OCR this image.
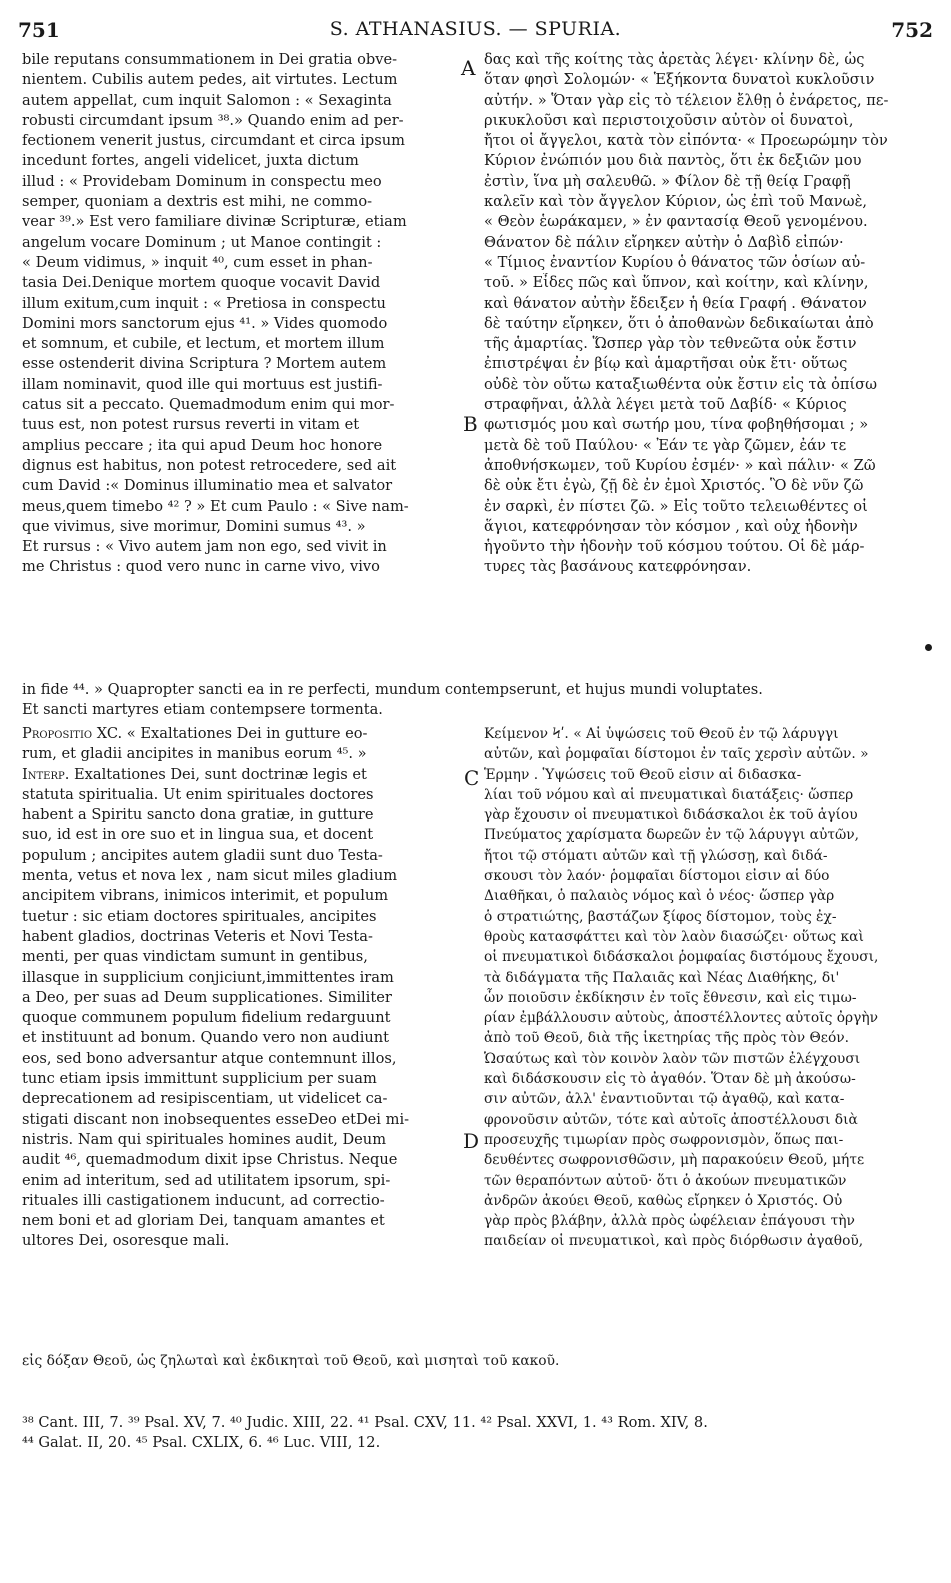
751	S. ATHANASIUS. — SPURIA.	752
A
B
C
D
bile reputans consummationem in Dei gratia obve-
nientem. Cubilis autem pedes, ait virtutes. Lectum
autem appellat, cum inquit Salomon : « Sexaginta
robusti circumdant ipsum ³⁸.» Quando enim ad per-
fectionem venerit justus, circumdant et circa ipsum
incedunt fortes, angeli videlicet, juxta dictum
illud : « Providebam Dominum in conspectu meo
semper, quoniam a dextris est mihi, ne commo-
vear ³⁹.» Est vero familiare divinæ Scripturæ, etiam
angelum vocare Dominum ; ut Manoe contingit :
« Deum vidimus, » inquit ⁴⁰, cum esset in phan-
tasia Dei.Denique mortem quoque vocavit David
illum exitum,cum inquit : « Pretiosa in conspectu
Domini mors sanctorum ejus ⁴¹. » Vides quomodo
et somnum, et cubile, et lectum, et mortem illum
esse ostenderit divina Scriptura ? Mortem autem
illam nominavit, quod ille qui mortuus est justifi-
catus sit a peccato. Quemadmodum enim qui mor-
tuus est, non potest rursus reverti in vitam et
amplius peccare ; ita qui apud Deum hoc honore
dignus est habitus, non potest retrocedere, sed ait
cum David :« Dominus illuminatio mea et salvator
meus,quem timebo ⁴² ? » Et cum Paulo : « Sive nam-
que vivimus, sive morimur, Domini sumus ⁴³. »
Et rursus : « Vivo autem jam non ego, sed vivit in
me Christus : quod vero nunc in carne vivo, vivo
δας καὶ τῆς κοίτης τὰς ἀρετὰς λέγει· κλίνην δὲ, ὡς
ὅταν φησὶ Σολομών· « Ἑξήκοντα δυνατοὶ κυκλοῦσιν
αὐτήν. » Ὅταν γὰρ εἰς τὸ τέλειον ἔλθῃ ὁ ἐνάρετος, πε-
ρικυκλοῦσι καὶ περιστοιχοῦσιν αὐτὸν οἱ δυνατοὶ,
ἤτοι οἱ ἄγγελοι, κατὰ τὸν εἰπόντα· « Προεωρώμην τὸν
Κύριον ἐνώπιόν μου διὰ παντὸς, ὅτι ἐκ δεξιῶν μου
ἐστὶν, ἵνα μὴ σαλευθῶ. » Φίλον δὲ τῇ θείᾳ Γραφῇ
καλεῖν καὶ τὸν ἄγγελον Κύριον, ὡς ἐπὶ τοῦ Μανωὲ,
« Θεὸν ἑωράκαμεν, » ἐν φαντασίᾳ Θεοῦ γενομένου.
Θάνατον δὲ πάλιν εἴρηκεν αὐτὴν ὁ Δαβὶδ εἰπών·
« Τίμιος ἐναντίον Κυρίου ὁ θάνατος τῶν ὁσίων αὐ-
τοῦ. » Εἶδες πῶς καὶ ὕπνον, καὶ κοίτην, καὶ κλίνην,
καὶ θάνατον αὐτὴν ἔδειξεν ἡ θεία Γραφή . Θάνατον
δὲ ταύτην εἴρηκεν, ὅτι ὁ ἀποθανὼν δεδικαίωται ἀπὸ
τῆς ἁμαρτίας. Ὥσπερ γὰρ τὸν τεθνεῶτα οὐκ ἔστιν
ἐπιστρέψαι ἐν βίῳ καὶ ἁμαρτῆσαι οὐκ ἔτι· οὕτως
οὐδὲ τὸν οὕτω καταξιωθέντα οὐκ ἔστιν εἰς τὰ ὀπίσω
στραφῆναι, ἀλλὰ λέγει μετὰ τοῦ Δαβίδ· « Κύριος
φωτισμός μου καὶ σωτήρ μου, τίνα φοβηθήσομαι ; »
μετὰ δὲ τοῦ Παύλου· « Ἐάν τε γὰρ ζῶμεν, ἐάν τε
ἀποθνήσκωμεν, τοῦ Κυρίου ἐσμέν· » καὶ πάλιν· « Ζῶ
δὲ οὐκ ἔτι ἐγὼ, ζῇ δὲ ἐν ἐμοὶ Χριστός. Ὃ δὲ νῦν ζῶ
ἐν σαρκὶ, ἐν πίστει ζῶ. » Εἰς τοῦτο τελειωθέντες οἱ
ἅγιοι, κατεφρόνησαν τὸν κόσμον , καὶ οὐχ ἡδονὴν
ἡγοῦντο τὴν ἡδονὴν τοῦ κόσμου τούτου. Οἱ δὲ μάρ-
τυρες τὰς βασάνους κατεφρόνησαν.
in fide ⁴⁴. » Quapropter sancti ea in re perfecti, mundum contempserunt, et hujus mundi voluptates.
Et sancti martyres etiam contempsere tormenta.
Propositio XC. « Exaltationes Dei in gutture eo-
rum, et gladii ancipites in manibus eorum ⁴⁵. »
Interp. Exaltationes Dei, sunt doctrinæ legis et
statuta spiritualia. Ut enim spirituales doctores
habent a Spiritu sancto dona gratiæ, in gutture
suo, id est in ore suo et in lingua sua, et docent
populum ; ancipites autem gladii sunt duo Testa-
menta, vetus et nova lex , nam sicut miles gladium
ancipitem vibrans, inimicos interimit, et populum
tuetur : sic etiam doctores spirituales, ancipites
habent gladios, doctrinas Veteris et Novi Testa-
menti, per quas vindictam sumunt in gentibus,
illasque in supplicium conjiciunt,immittentes iram
a Deo, per suas ad Deum supplicationes. Similiter
quoque communem populum fidelium redarguunt
et instituunt ad bonum. Quando vero non audiunt
eos, sed bono adversantur atque contemnunt illos,
tunc etiam ipsis immittunt supplicium per suam
deprecationem ad resipiscentiam, ut videlicet ca-
stigati discant non inobsequentes esseDeo etDei mi-
nistris. Nam qui spirituales homines audit, Deum
audit ⁴⁶, quemadmodum dixit ipse Christus. Neque
enim ad interitum, sed ad utilitatem ipsorum, spi-
rituales illi castigationem inducunt, ad correctio-
nem boni et ad gloriam Dei, tanquam amantes et
ultores Dei, osoresque mali.
Κείμενον Ϟʹ. « Αἱ ὑψώσεις τοῦ Θεοῦ ἐν τῷ λάρυγγι
αὐτῶν, καὶ ῥομφαῖαι δίστομοι ἐν ταῖς χερσὶν αὐτῶν. »
Ἑρμην . Ὑψώσεις τοῦ Θεοῦ εἰσιν αἱ διδασκα-
λίαι τοῦ νόμου καὶ αἱ πνευματικαὶ διατάξεις· ὥσπερ
γὰρ ἔχουσιν οἱ πνευματικοὶ διδάσκαλοι ἐκ τοῦ ἁγίου
Πνεύματος χαρίσματα δωρεῶν ἐν τῷ λάρυγγι αὐτῶν,
ἤτοι τῷ στόματι αὐτῶν καὶ τῇ γλώσσῃ, καὶ διδά-
σκουσι τὸν λαόν· ῥομφαῖαι δίστομοι εἰσιν αἱ δύο
Διαθῆκαι, ὁ παλαιὸς νόμος καὶ ὁ νέος· ὥσπερ γὰρ
ὁ στρατιώτης, βαστάζων ξίφος δίστομον, τοὺς ἐχ-
θροὺς κατασφάττει καὶ τὸν λαὸν διασώζει· οὕτως καὶ
οἱ πνευματικοὶ διδάσκαλοι ῥομφαίας διστόμους ἔχουσι,
τὰ διδάγματα τῆς Παλαιᾶς καὶ Νέας Διαθήκης, δι'
ὧν ποιοῦσιν ἐκδίκησιν ἐν τοῖς ἔθνεσιν, καὶ εἰς τιμω-
ρίαν ἐμβάλλουσιν αὐτοὺς, ἀποστέλλοντες αὐτοῖς ὀργὴν
ἀπὸ τοῦ Θεοῦ, διὰ τῆς ἱκετηρίας τῆς πρὸς τὸν Θεόν.
Ὡσαύτως καὶ τὸν κοινὸν λαὸν τῶν πιστῶν ἐλέγχουσι
καὶ διδάσκουσιν εἰς τὸ ἀγαθόν. Ὅταν δὲ μὴ ἀκούσω-
σιν αὐτῶν, ἀλλ' ἐναντιοῦνται τῷ ἀγαθῷ, καὶ κατα-
φρονοῦσιν αὐτῶν, τότε καὶ αὐτοῖς ἀποστέλλουσι διὰ
προσευχῆς τιμωρίαν πρὸς σωφρονισμὸν, ὅπως παι-
δευθέντες σωφρονισθῶσιν, μὴ παρακούειν Θεοῦ, μήτε
τῶν θεραπόντων αὐτοῦ· ὅτι ὁ ἀκούων πνευματικῶν
ἀνδρῶν ἀκούει Θεοῦ, καθὼς εἴρηκεν ὁ Χριστός. Οὐ
γὰρ πρὸς βλάβην, ἀλλὰ πρὸς ὠφέλειαν ἐπάγουσι τὴν
παιδείαν οἱ πνευματικοὶ, καὶ πρὸς διόρθωσιν ἀγαθοῦ,
εἰς δόξαν Θεοῦ, ὡς ζηλωταὶ καὶ ἐκδικηταὶ τοῦ Θεοῦ, καὶ μισηταὶ τοῦ κακοῦ.
³⁸ Cant. III, 7. ³⁹ Psal. XV, 7. ⁴⁰ Judic. XIII, 22. ⁴¹ Psal. CXV, 11. ⁴² Psal. XXVI, 1. ⁴³ Rom. XIV, 8.
⁴⁴ Galat. II, 20. ⁴⁵ Psal. CXLIX, 6. ⁴⁶ Luc. VIII, 12.
